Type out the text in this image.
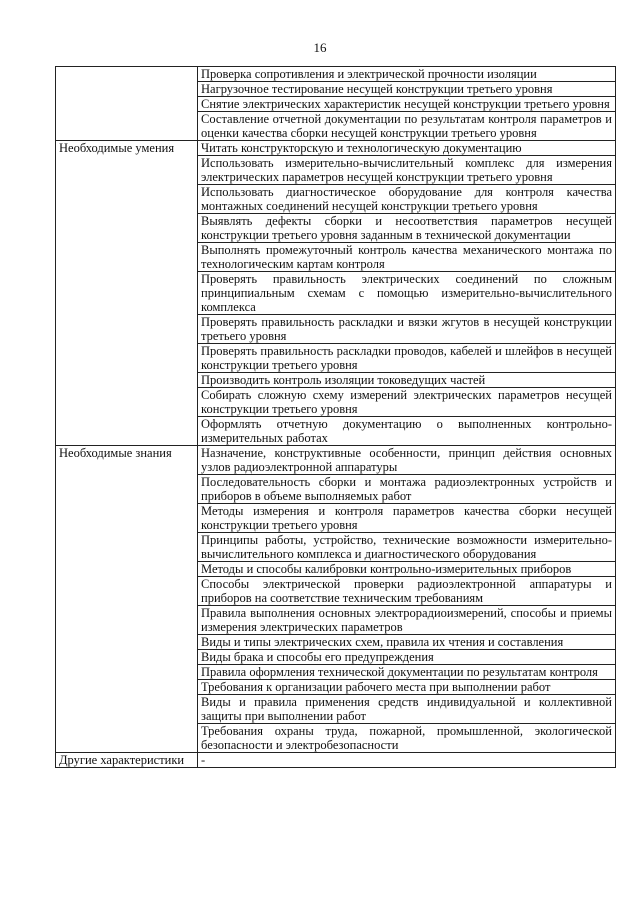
16
	Проверка сопротивления и электрической прочности изоляции
	Нагрузочное тестирование несущей конструкции третьего уровня
	Снятие электрических характеристик несущей конструкции третьего уровня
	Составление отчетной документации по результатам контроля параметров и оценки качества сборки несущей конструкции третьего уровня
Необходимые умения	Читать конструкторскую и технологическую документацию
	Использовать измерительно-вычислительный комплекс для измерения электрических параметров несущей конструкции третьего уровня
	Использовать диагностическое оборудование для контроля качества монтажных соединений несущей конструкции третьего уровня
	Выявлять дефекты сборки и несоответствия параметров несущей конструкции третьего уровня заданным в технической документации
	Выполнять промежуточный контроль качества механического монтажа по технологическим картам контроля
	Проверять правильность электрических соединений по сложным принципиальным схемам с помощью измерительно-вычислительного комплекса
	Проверять правильность раскладки и вязки жгутов в несущей конструкции третьего уровня
	Проверять правильность раскладки проводов, кабелей и шлейфов в несущей конструкции третьего уровня
	Производить контроль изоляции токоведущих частей
	Собирать сложную схему измерений электрических параметров несущей конструкции третьего уровня
	Оформлять отчетную документацию о выполненных контрольно-измерительных работах
Необходимые знания	Назначение, конструктивные особенности, принцип действия основных узлов радиоэлектронной аппаратуры
	Последовательность сборки и монтажа радиоэлектронных устройств и приборов в объеме выполняемых работ
	Методы измерения и контроля параметров качества сборки несущей конструкции третьего уровня
	Принципы работы, устройство, технические возможности измерительно-вычислительного комплекса и диагностического оборудования
	Методы и способы калибровки контрольно-измерительных приборов
	Способы электрической проверки радиоэлектронной аппаратуры и приборов на соответствие техническим требованиям
	Правила выполнения основных электрорадиоизмерений, способы и приемы измерения электрических параметров
	Виды и типы электрических схем, правила их чтения и составления
	Виды брака и способы его предупреждения
	Правила оформления технической документации по результатам контроля
	Требования к организации рабочего места при выполнении работ
	Виды и правила применения средств индивидуальной и коллективной защиты при выполнении работ
	Требования охраны труда, пожарной, промышленной, экологической безопасности и электробезопасности
Другие характеристики	-
